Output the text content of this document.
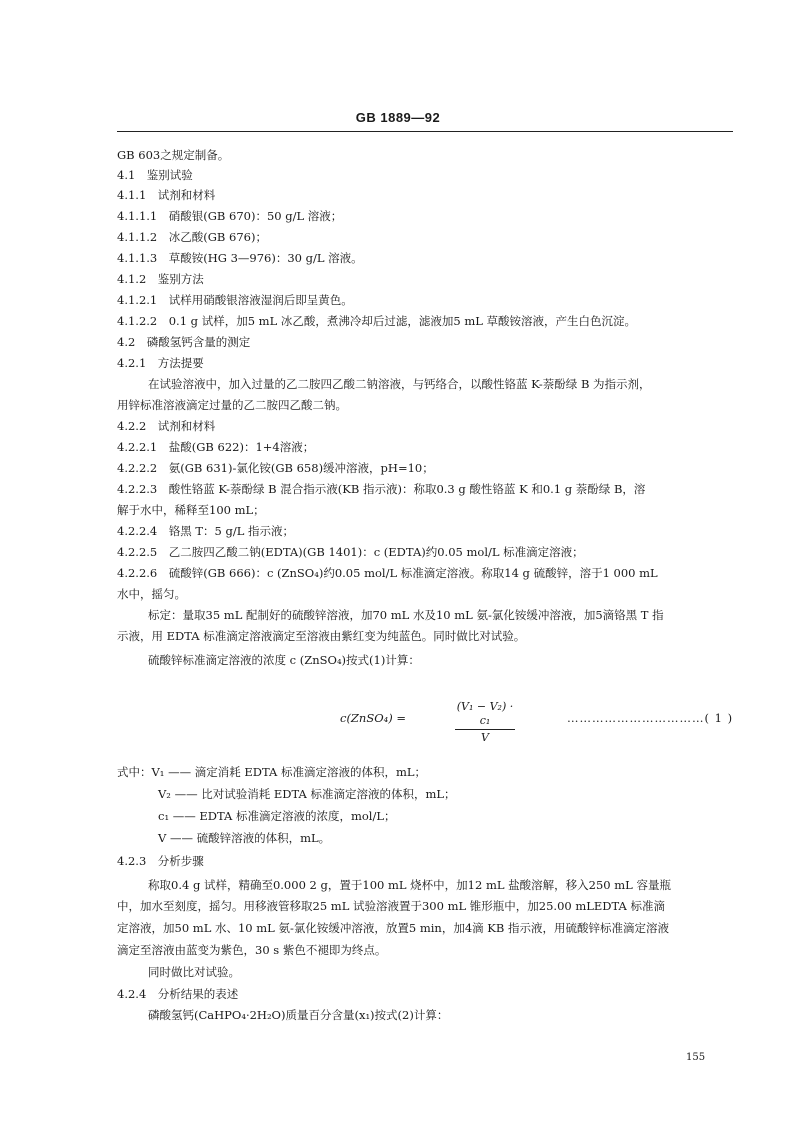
GB 1889—92
GB 603之规定制备。
4.1　鉴别试验
4.1.1　试剂和材料
4.1.1.1　硝酸银(GB 670)：50 g/L 溶液；
4.1.1.2　冰乙酸(GB 676)；
4.1.1.3　草酸铵(HG 3—976)：30 g/L 溶液。
4.1.2　鉴别方法
4.1.2.1　试样用硝酸银溶液湿润后即呈黄色。
4.1.2.2　0.1 g 试样，加5 mL 冰乙酸，煮沸冷却后过滤，滤液加5 mL 草酸铵溶液，产生白色沉淀。
4.2　磷酸氢钙含量的测定
4.2.1　方法提要
在试验溶液中，加入过量的乙二胺四乙酸二钠溶液，与钙络合，以酸性铬蓝 K-萘酚绿 B 为指示剂，
用锌标准溶液滴定过量的乙二胺四乙酸二钠。
4.2.2　试剂和材料
4.2.2.1　盐酸(GB 622)：1+4溶液；
4.2.2.2　氨(GB 631)-氯化铵(GB 658)缓冲溶液，pH=10；
4.2.2.3　酸性铬蓝 K-萘酚绿 B 混合指示液(KB 指示液)：称取0.3 g 酸性铬蓝 K 和0.1 g 萘酚绿 B，溶
解于水中，稀释至100 mL；
4.2.2.4　铬黑 T：5 g/L 指示液；
4.2.2.5　乙二胺四乙酸二钠(EDTA)(GB 1401)：c (EDTA)约0.05 mol/L 标准滴定溶液；
4.2.2.6　硫酸锌(GB 666)：c (ZnSO₄)约0.05 mol/L 标准滴定溶液。称取14 g 硫酸锌，溶于1 000 mL
水中，摇匀。
标定：量取35 mL 配制好的硫酸锌溶液，加70 mL 水及10 mL 氨-氯化铵缓冲溶液，加5滴铬黑 T 指
示液，用 EDTA 标准滴定溶液滴定至溶液由紫红变为纯蓝色。同时做比对试验。
硫酸锌标准滴定溶液的浓度 c (ZnSO₄)按式(1)计算：
c(ZnSO₄) =
(V₁ − V₂) · c₁
V
……………………………( 1 )
式中：V₁ —— 滴定消耗 EDTA 标准滴定溶液的体积，mL；
V₂ —— 比对试验消耗 EDTA 标准滴定溶液的体积，mL；
c₁ —— EDTA 标准滴定溶液的浓度，mol/L；
V —— 硫酸锌溶液的体积，mL。
4.2.3　分析步骤
称取0.4 g 试样，精确至0.000 2 g，置于100 mL 烧杯中，加12 mL 盐酸溶解，移入250 mL 容量瓶
中，加水至刻度，摇匀。用移液管移取25 mL 试验溶液置于300 mL 锥形瓶中，加25.00 mLEDTA 标准滴
定溶液，加50 mL 水、10 mL 氨-氯化铵缓冲溶液，放置5 min，加4滴 KB 指示液，用硫酸锌标准滴定溶液
滴定至溶液由蓝变为紫色，30 s 紫色不褪即为终点。
同时做比对试验。
4.2.4　分析结果的表述
磷酸氢钙(CaHPO₄·2H₂O)质量百分含量(x₁)按式(2)计算：
155
